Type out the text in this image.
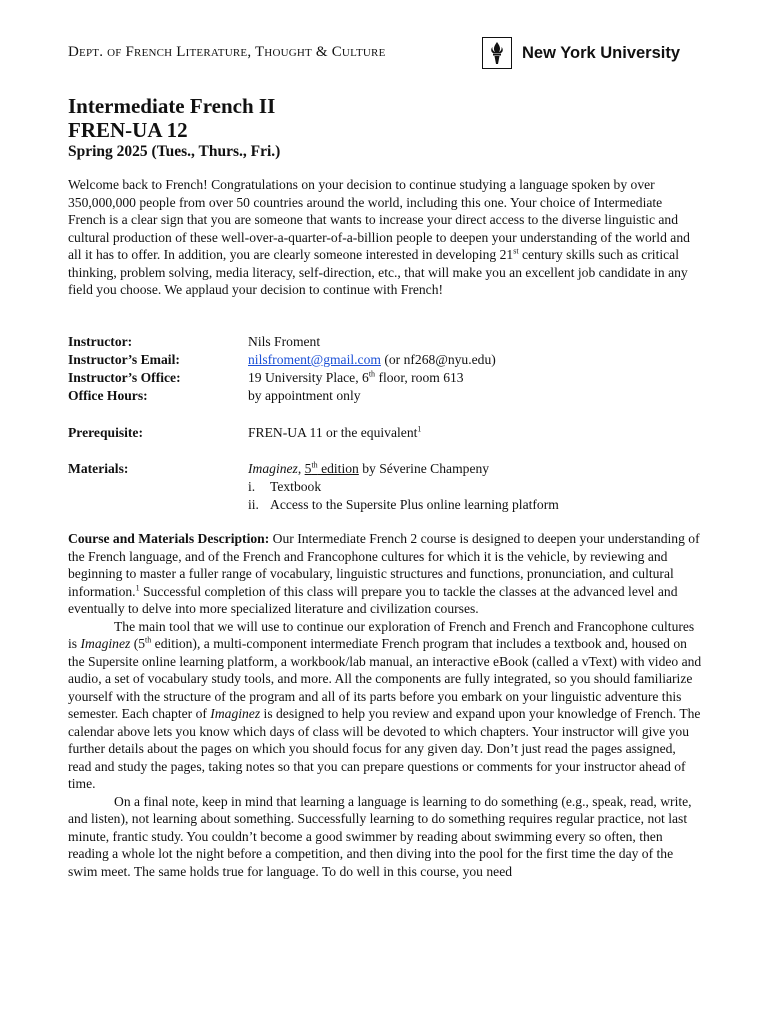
Dept. of French Literature, Thought & Culture	New York University

Intermediate French II

FREN-UA 12

Spring 2025 (Tues., Thurs., Fri.)

Welcome back to French! Congratulations on your decision to continue studying a language spoken by over 350,000,000 people from over 50 countries around the world, including this one. Your choice of Intermediate French is a clear sign that you are someone that wants to increase your direct access to the diverse linguistic and cultural production of these well-over-a-quarter-of-a-billion people to deepen your understanding of the world and all it has to offer. In addition, you are clearly someone interested in developing 21st century skills such as critical thinking, problem solving, media literacy, self-direction, etc., that will make you an excellent job candidate in any field you choose. We applaud your decision to continue with French!

Instructor:	Nils Froment
Instructor’s Email:	nilsfroment@gmail.com (or nf268@nyu.edu)
Instructor’s Office:	19 University Place, 6th floor, room 613
Office Hours:	by appointment only
Prerequisite:	FREN-UA 11 or the equivalent$^1$
Materials:	Imaginez, 5th edition by Séverine Champeny
i.	Textbook
ii. Access to the Supersite Plus online learning platform

Course and Materials Description: Our Intermediate French 2 course is designed to deepen your understanding of the French language, and of the French and Francophone cultures for which it is the vehicle, by reviewing and beginning to master a fuller range of vocabulary, linguistic structures and functions, pronunciation, and cultural information.$^1$ Successful completion of this class will prepare you to tackle the classes at the advanced level and eventually to delve into more specialized literature and civilization courses.

The main tool that we will use to continue our exploration of French and French and Francophone cultures is Imaginez (5th edition), a multi-component intermediate French program that includes a textbook and, housed on the Supersite online learning platform, a workbook/lab manual, an interactive eBook (called a vText) with video and audio, a set of vocabulary study tools, and more. All the components are fully integrated, so you should familiarize yourself with the structure of the program and all of its parts before you embark on your linguistic adventure this semester. Each chapter of Imaginez is designed to help you review and expand upon your knowledge of French. The calendar above lets you know which days of class will be devoted to which chapters. Your instructor will give you further details about the pages on which you should focus for any given day. Don’t just read the pages assigned, read and study the pages, taking notes so that you can prepare questions or comments for your instructor ahead of time.

On a final note, keep in mind that learning a language is learning to do something (e.g., speak, read, write, and listen), not learning about something. Successfully learning to do something requires regular practice, not last minute, frantic study. You couldn’t become a good swimmer by reading about swimming every so often, then reading a whole lot the night before a competition, and then diving into the pool for the first time the day of the swim meet. The same holds true for language. To do well in this course, you need
